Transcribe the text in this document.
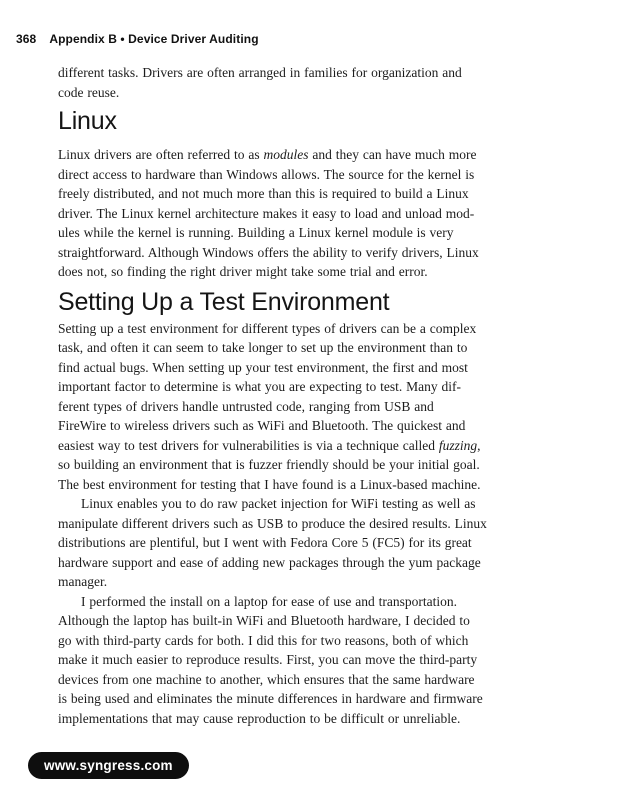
368 Appendix B • Device Driver Auditing
different tasks. Drivers are often arranged in families for organization and
code reuse.
Linux
Linux drivers are often referred to as modules and they can have much more
direct access to hardware than Windows allows. The source for the kernel is
freely distributed, and not much more than this is required to build a Linux
driver. The Linux kernel architecture makes it easy to load and unload mod-
ules while the kernel is running. Building a Linux kernel module is very
straightforward. Although Windows offers the ability to verify drivers, Linux
does not, so finding the right driver might take some trial and error.
Setting Up a Test Environment
Setting up a test environment for different types of drivers can be a complex
task, and often it can seem to take longer to set up the environment than to
find actual bugs. When setting up your test environment, the first and most
important factor to determine is what you are expecting to test. Many dif-
ferent types of drivers handle untrusted code, ranging from USB and
FireWire to wireless drivers such as WiFi and Bluetooth. The quickest and
easiest way to test drivers for vulnerabilities is via a technique called fuzzing,
so building an environment that is fuzzer friendly should be your initial goal.
The best environment for testing that I have found is a Linux-based machine.
Linux enables you to do raw packet injection for WiFi testing as well as
manipulate different drivers such as USB to produce the desired results. Linux
distributions are plentiful, but I went with Fedora Core 5 (FC5) for its great
hardware support and ease of adding new packages through the yum package
manager.
I performed the install on a laptop for ease of use and transportation.
Although the laptop has built-in WiFi and Bluetooth hardware, I decided to
go with third-party cards for both. I did this for two reasons, both of which
make it much easier to reproduce results. First, you can move the third-party
devices from one machine to another, which ensures that the same hardware
is being used and eliminates the minute differences in hardware and firmware
implementations that may cause reproduction to be difficult or unreliable.
www.syngress.com
